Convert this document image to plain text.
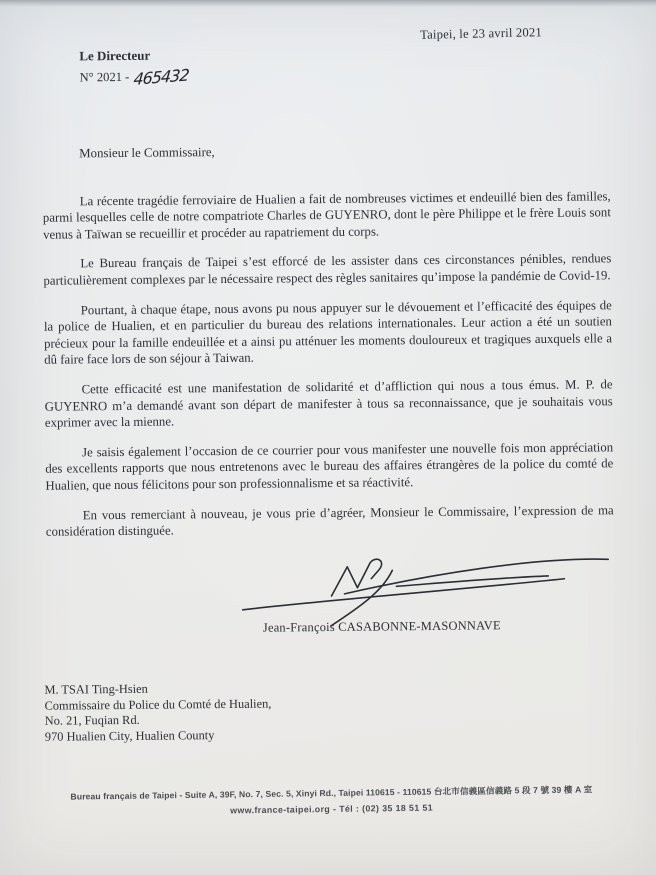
Taipei, le 23 avril 2021
Le Directeur
N° 2021 - 465432

Monsieur le Commissaire,

La récente tragédie ferroviaire de Hualien a fait de nombreuses victimes et endeuillé bien des familles, parmi lesquelles celle de notre compatriote Charles de GUYENRO, dont le père Philippe et le frère Louis sont venus à Taïwan se recueillir et procéder au rapatriement du corps.

Le Bureau français de Taipei s’est efforcé de les assister dans ces circonstances pénibles, rendues particulièrement complexes par le nécessaire respect des règles sanitaires qu’impose la pandémie de Covid-19.

Pourtant, à chaque étape, nous avons pu nous appuyer sur le dévouement et l’efficacité des équipes de la police de Hualien, et en particulier du bureau des relations internationales. Leur action a été un soutien précieux pour la famille endeuillée et a ainsi pu atténuer les moments douloureux et tragiques auxquels elle a dû faire face lors de son séjour à Taiwan.

Cette efficacité est une manifestation de solidarité et d’affliction qui nous a tous émus. M. P. de GUYENRO m’a demandé avant son départ de manifester à tous sa reconnaissance, que je souhaitais vous exprimer avec la mienne.

Je saisis également l’occasion de ce courrier pour vous manifester une nouvelle fois mon appréciation des excellents rapports que nous entretenons avec le bureau des affaires étrangères de la police du comté de Hualien, que nous félicitons pour son professionnalisme et sa réactivité.

En vous remerciant à nouveau, je vous prie d’agréer, Monsieur le Commissaire, l’expression de ma considération distinguée.

Jean-François CASABONNE-MASONNAVE
M. TSAI Ting-Hsien
Commissaire du Police du Comté de Hualien,
No. 21, Fuqian Rd.
970 Hualien City, Hualien County
Bureau français de Taipei - Suite A, 39F, No. 7, Sec. 5, Xinyi Rd., Taipei 110615 - 110615 台北市信義區信義路 5 段 7 號 39 樓 A 室
www.france-taipei.org - Tél : (02) 35 18 51 51
